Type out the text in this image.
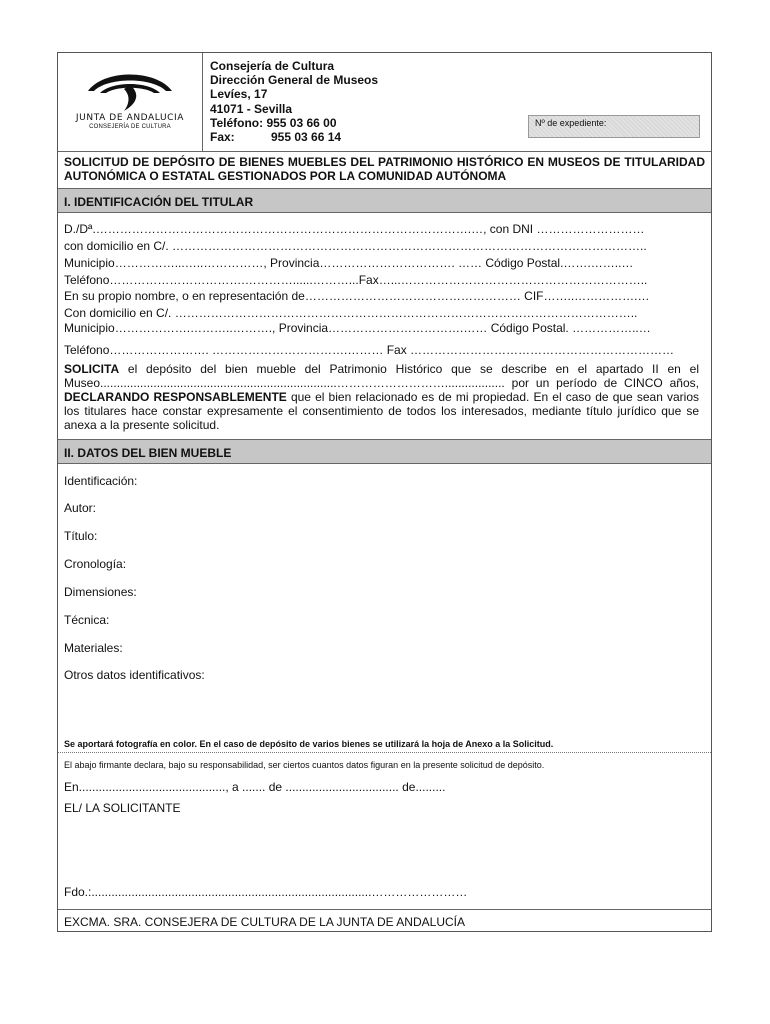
JUNTA DE ANDALUCIA
CONSEJERÍA DE CULTURA
Consejería de Cultura
Dirección General de Museos
Levíes, 17
41071 - Sevilla
Teléfono: 955 03 66 00
Fax:	955 03 66 14
Nº de expediente:
SOLICITUD DE DEPÓSITO DE BIENES MUEBLES DEL PATRIMONIO HISTÓRICO EN MUSEOS DE TITULARIDAD AUTONÓMICA O ESTATAL GESTIONADOS POR LA COMUNIDAD AUTÓNOMA
I. IDENTIFICACIÓN DEL TITULAR
D./Dª.………………………………………………………………………………….…, con DNI ………………………
con domicilio en C/. ………………………………………………………………………………………………………..
Municipio……………...…..……………, Provincia……………………………. …… Código Postal.…….……..…
Teléfono…………………………….…………......………...Fax…...……………………………………………………..
En su propio nombre, o en representación de……………………………………………… CIF……..…………….…
Con domicilio en C/. ……………………………………………………………………………………………………..
Municipio……………….………..………., Provincia…………………………….…… Código Postal. ……………..…
Teléfono……………………. …………………………….……… Fax …………………………………………………………
SOLICITA el depósito del bien mueble del Patrimonio Histórico que se describe en el apartado II en el Museo.......................................................................……………………….................. por un período de CINCO años, DECLARANDO RESPONSABLEMENTE que el bien relacionado es de mi propiedad. En el caso de que sean varios los titulares hace constar expresamente el consentimiento de todos los interesados, mediante título jurídico que se anexa a la presente solicitud.
II. DATOS DEL BIEN MUEBLE
Identificación:
Autor:
Título:
Cronología:
Dimensiones:
Técnica:
Materiales:
Otros datos identificativos:
Se aportará fotografía en color. En el caso de depósito de varios bienes se utilizará la hoja de Anexo a la Solicitud.
El abajo firmante declara, bajo su responsabilidad, ser ciertos cuantos datos figuran en la presente solicitud de depósito.
En............................................, a ....... de .................................. de.........
EL/ LA SOLICITANTE
Fdo.:....................................................................................……………………
EXCMA. SRA. CONSEJERA DE CULTURA DE LA JUNTA DE ANDALUCÍA
